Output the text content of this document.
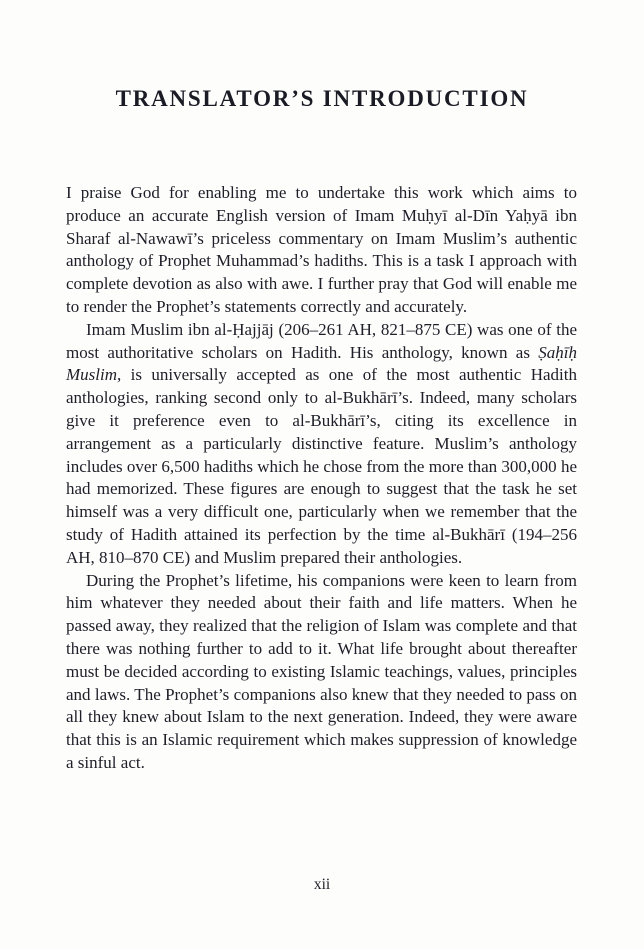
TRANSLATOR’S INTRODUCTION

I praise God for enabling me to undertake this work which aims to produce an accurate English version of Imam Muḥyī al-Dīn Yaḥyā ibn Sharaf al-Nawawī’s priceless commentary on Imam Muslim’s authentic anthology of Prophet Muhammad’s hadiths. This is a task I approach with complete devotion as also with awe. I further pray that God will enable me to render the Prophet’s statements correctly and accurately.

Imam Muslim ibn al-Ḥajjāj (206–261 AH, 821–875 CE) was one of the most authoritative scholars on Hadith. His anthology, known as Ṣaḥīḥ Muslim, is universally accepted as one of the most authentic Hadith anthologies, ranking second only to al-Bukhārī’s. Indeed, many scholars give it preference even to al-Bukhārī’s, citing its excellence in arrangement as a particularly distinctive feature. Muslim’s anthology includes over 6,500 hadiths which he chose from the more than 300,000 he had memorized. These figures are enough to suggest that the task he set himself was a very difficult one, particularly when we remember that the study of Hadith attained its perfection by the time al-Bukhārī (194–256 AH, 810–870 CE) and Muslim prepared their anthologies.

During the Prophet’s lifetime, his companions were keen to learn from him whatever they needed about their faith and life matters. When he passed away, they realized that the religion of Islam was complete and that there was nothing further to add to it. What life brought about thereafter must be decided according to existing Islamic teachings, values, principles and laws. The Prophet’s companions also knew that they needed to pass on all they knew about Islam to the next generation. Indeed, they were aware that this is an Islamic requirement which makes suppression of knowledge a sinful act.

xii
